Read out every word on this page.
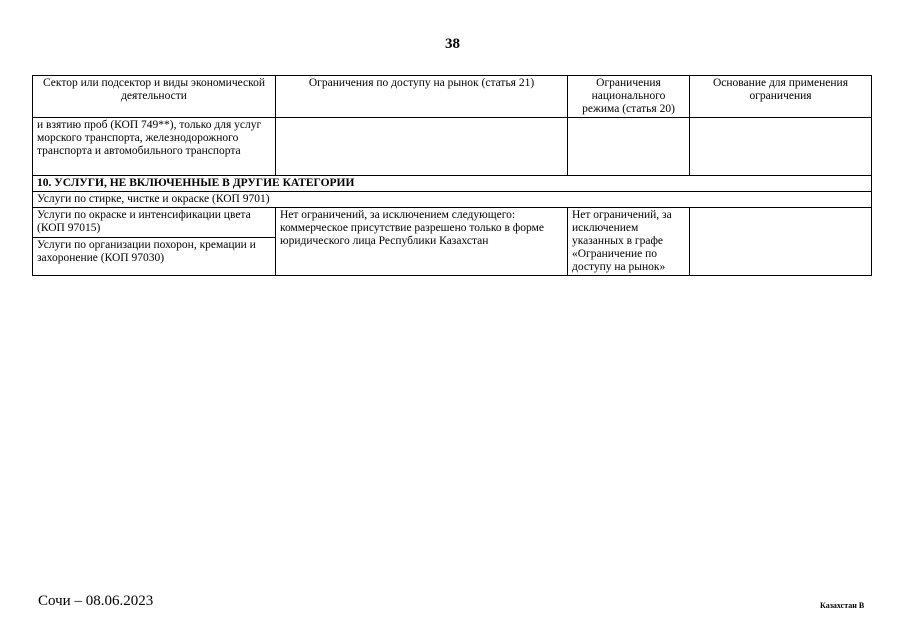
38
Сектор или подсектор и виды экономической деятельности	Ограничения по доступу на рынок (статья 21)	Ограничения национального режима (статья 20)	Основание для применения ограничения
и взятию проб (КОП 749**), только для услуг морского транспорта, железнодорожного транспорта и автомобильного транспорта			
10. УСЛУГИ, НЕ ВКЛЮЧЕННЫЕ В ДРУГИЕ КАТЕГОРИИ			
Услуги по стирке, чистке и окраске (КОП 9701)			
Услуги по окраске и интенсификации цвета (КОП 97015)	Нет ограничений, за исключением следующего: коммерческое присутствие разрешено только в форме юридического лица Республики Казахстан	Нет ограничений, за исключением указанных в графе «Ограничение по доступу на рынок»	
Услуги по организации похорон, кремации и захоронение (КОП 97030)			
Сочи – 08.06.2023	Казахстан В
